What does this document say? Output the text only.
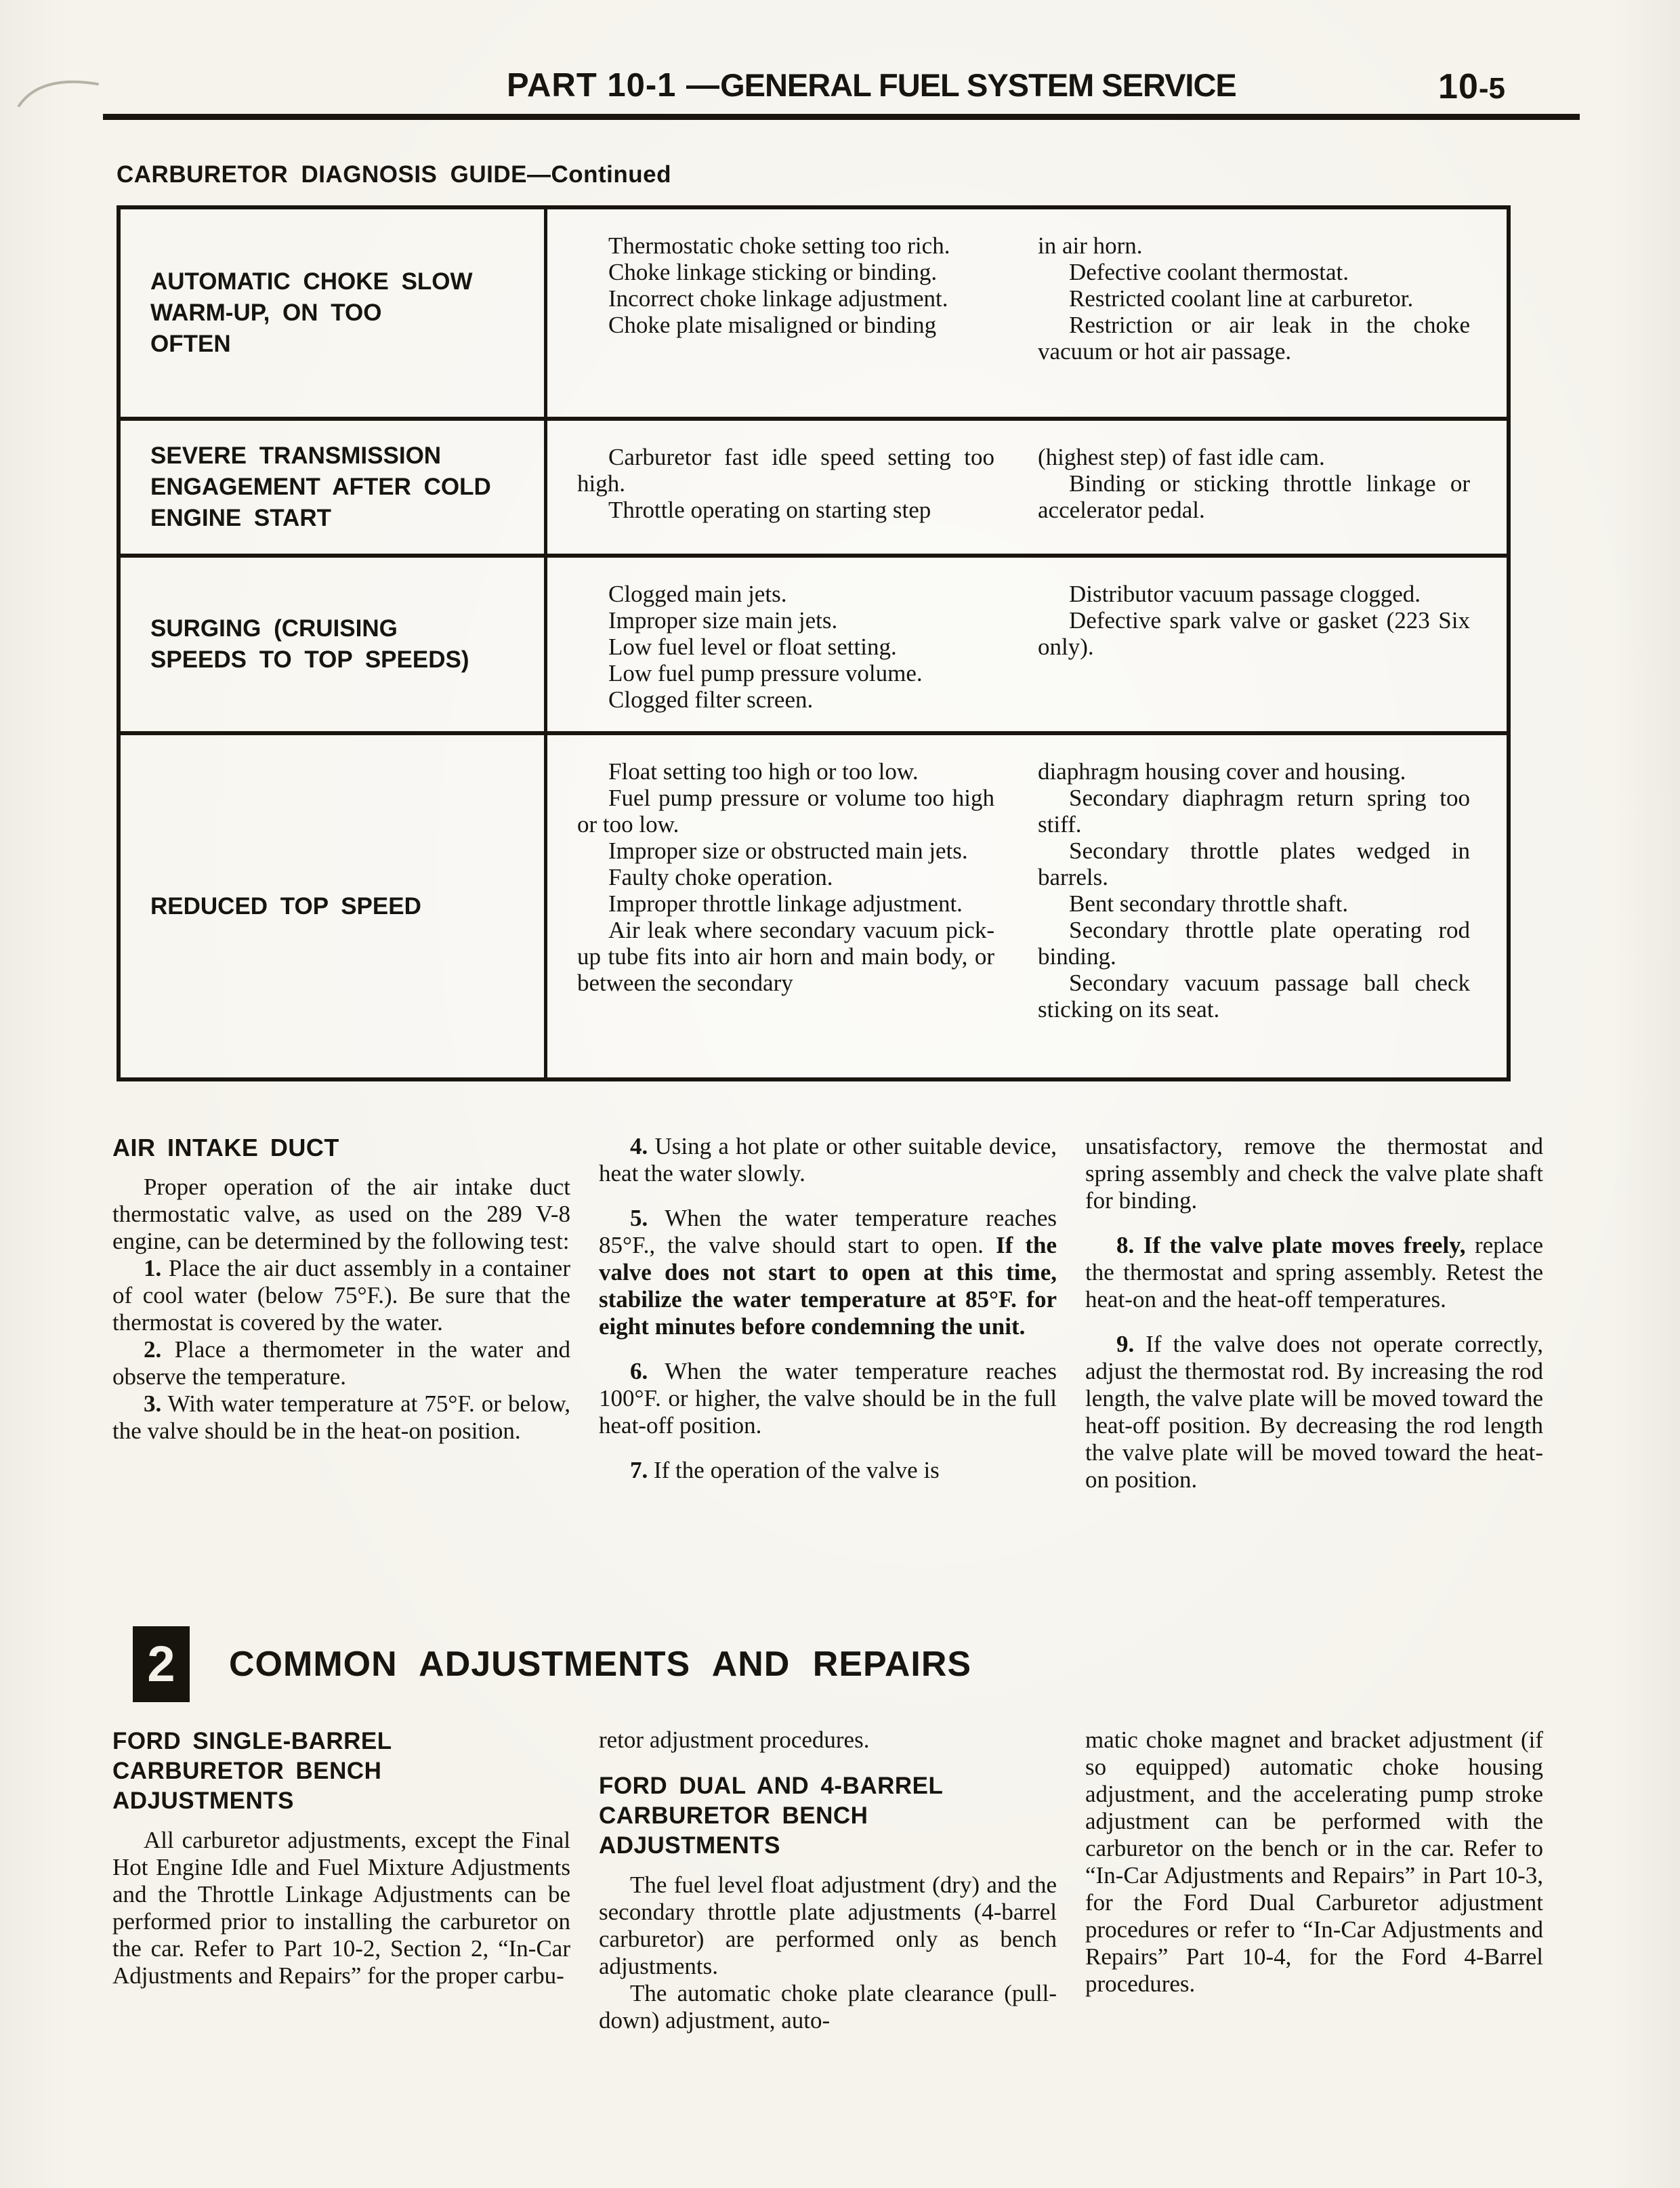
PART 10-1 —GENERAL FUEL SYSTEM SERVICE	10-5
CARBURETOR DIAGNOSIS GUIDE—Continued

AUTOMATIC CHOKE SLOW

WARM-UP, ON TOO

OFTEN

Thermostatic choke setting too rich.

Choke linkage sticking or binding.

Incorrect choke linkage adjustment.

Choke plate misaligned or binding

in air horn.

Defective coolant thermostat.

Restricted coolant line at carburetor.

Restriction or air leak in the choke vacuum or hot air passage.

SEVERE TRANSMISSION

ENGAGEMENT AFTER COLD

ENGINE START

Carburetor fast idle speed setting too high.

Throttle operating on starting step

(highest step) of fast idle cam.

Binding or sticking throttle linkage or accelerator pedal.

SURGING (CRUISING

SPEEDS TO TOP SPEEDS)

Clogged main jets.

Improper size main jets.

Low fuel level or float setting.

Low fuel pump pressure volume.

Clogged filter screen.

Distributor vacuum passage clogged.

Defective spark valve or gasket (223 Six only).

REDUCED TOP SPEED

Float setting too high or too low.

Fuel pump pressure or volume too high or too low.

Improper size or obstructed main jets.

Faulty choke operation.

Improper throttle linkage adjustment.

Air leak where secondary vacuum pick-up tube fits into air horn and main body, or between the secondary

diaphragm housing cover and housing.

Secondary diaphragm return spring too stiff.

Secondary throttle plates wedged in barrels.

Bent secondary throttle shaft.

Secondary throttle plate operating rod binding.

Secondary vacuum passage ball check sticking on its seat.

AIR INTAKE DUCT

Proper operation of the air intake duct thermostatic valve, as used on the 289 V-8 engine, can be determined by the following test:

1. Place the air duct assembly in a container of cool water (below 75°F.). Be sure that the thermostat is covered by the water.

2. Place a thermometer in the water and observe the temperature.

3. With water temperature at 75°F. or below, the valve should be in the heat-on position.

4. Using a hot plate or other suitable device, heat the water slowly.

5. When the water temperature reaches 85°F., the valve should start to open. If the valve does not start to open at this time, stabilize the water temperature at 85°F. for eight minutes before condemning the unit.

6. When the water temperature reaches 100°F. or higher, the valve should be in the full heat-off position.

7. If the operation of the valve is

unsatisfactory, remove the thermostat and spring assembly and check the valve plate shaft for binding.

8. If the valve plate moves freely, replace the thermostat and spring assembly. Retest the heat-on and the heat-off temperatures.

9. If the valve does not operate correctly, adjust the thermostat rod. By increasing the rod length, the valve plate will be moved toward the heat-off position. By decreasing the rod length the valve plate will be moved toward the heat-on position.

2	COMMON ADJUSTMENTS AND REPAIRS

FORD SINGLE-BARREL

CARBURETOR BENCH

ADJUSTMENTS

All carburetor adjustments, except the Final Hot Engine Idle and Fuel Mixture Adjustments and the Throttle Linkage Adjustments can be performed prior to installing the carburetor on the car. Refer to Part 10-2, Section 2, “In-Car Adjustments and Repairs” for the proper carbu-

retor adjustment procedures.

FORD DUAL AND 4-BARREL

CARBURETOR BENCH

ADJUSTMENTS

The fuel level float adjustment (dry) and the secondary throttle plate adjustments (4-barrel carburetor) are performed only as bench adjustments.

The automatic choke plate clearance (pull-down) adjustment, auto-

matic choke magnet and bracket adjustment (if so equipped) automatic choke housing adjustment, and the accelerating pump stroke adjustment can be performed with the carburetor on the bench or in the car. Refer to “In-Car Adjustments and Repairs” in Part 10-3, for the Ford Dual Carburetor adjustment procedures or refer to “In-Car Adjustments and Repairs” Part 10-4, for the Ford 4-Barrel procedures.
